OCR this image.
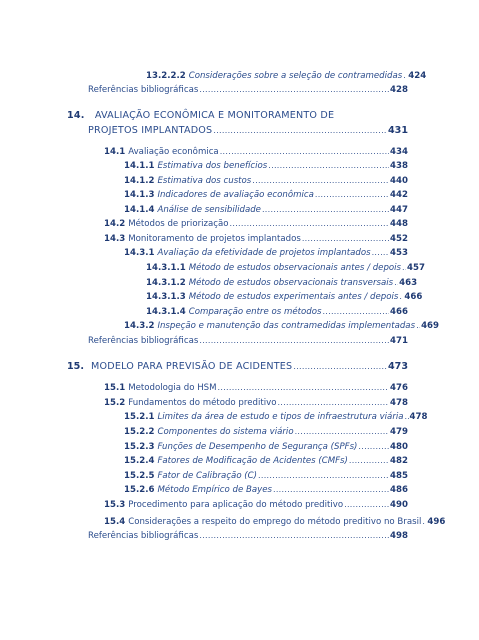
13.2.2.2 Considerações sobre a seleção de contramedidas ..... 424
Referências bibliográficas .....	428
14. AVALIAÇÃO ECONÔMICA E MONITORAMENTO DE
PROJETOS IMPLANTADOS .....	431
14.1 Avaliação econômica .....	434
14.1.1 Estimativa dos benefícios .....	438
14.1.2 Estimativa dos custos .....	440
14.1.3 Indicadores de avaliação econômica .....	442
14.1.4 Análise de sensibilidade .....	447
14.2 Métodos de priorização .....	448
14.3 Monitoramento de projetos implantados .....	452
14.3.1 Avaliação da efetividade de projetos implantados ..... 453
14.3.1.1 Método de estudos observacionais antes / depois ..... 457
14.3.1.2 Método de estudos observacionais transversais ..... 463
14.3.1.3 Método de estudos experimentais antes / depois ..... 466
14.3.1.4 Comparação entre os métodos .....	466
14.3.2 Inspeção e manutenção das contramedidas implementadas ..... 469
Referências bibliográficas .....	471
15. MODELO PARA PREVISÃO DE ACIDENTES .....	473
15.1 Metodologia do HSM .....	476
15.2 Fundamentos do método preditivo .....	478
15.2.1 Limites da área de estudo e tipos de infraestrutura viária ..... 478
15.2.2 Componentes do sistema viário .....	479
15.2.3 Funções de Desempenho de Segurança (SPFs) .....	480
15.2.4 Fatores de Modificação de Acidentes (CMFs) .....	482
15.2.5 Fator de Calibração (C) .....	485
15.2.6 Método Empírico de Bayes .....	486
15.3 Procedimento para aplicação do método preditivo .....	490
15.4 Considerações a respeito do emprego do método preditivo no Brasil ..... 496
Referências bibliográficas .....	498
